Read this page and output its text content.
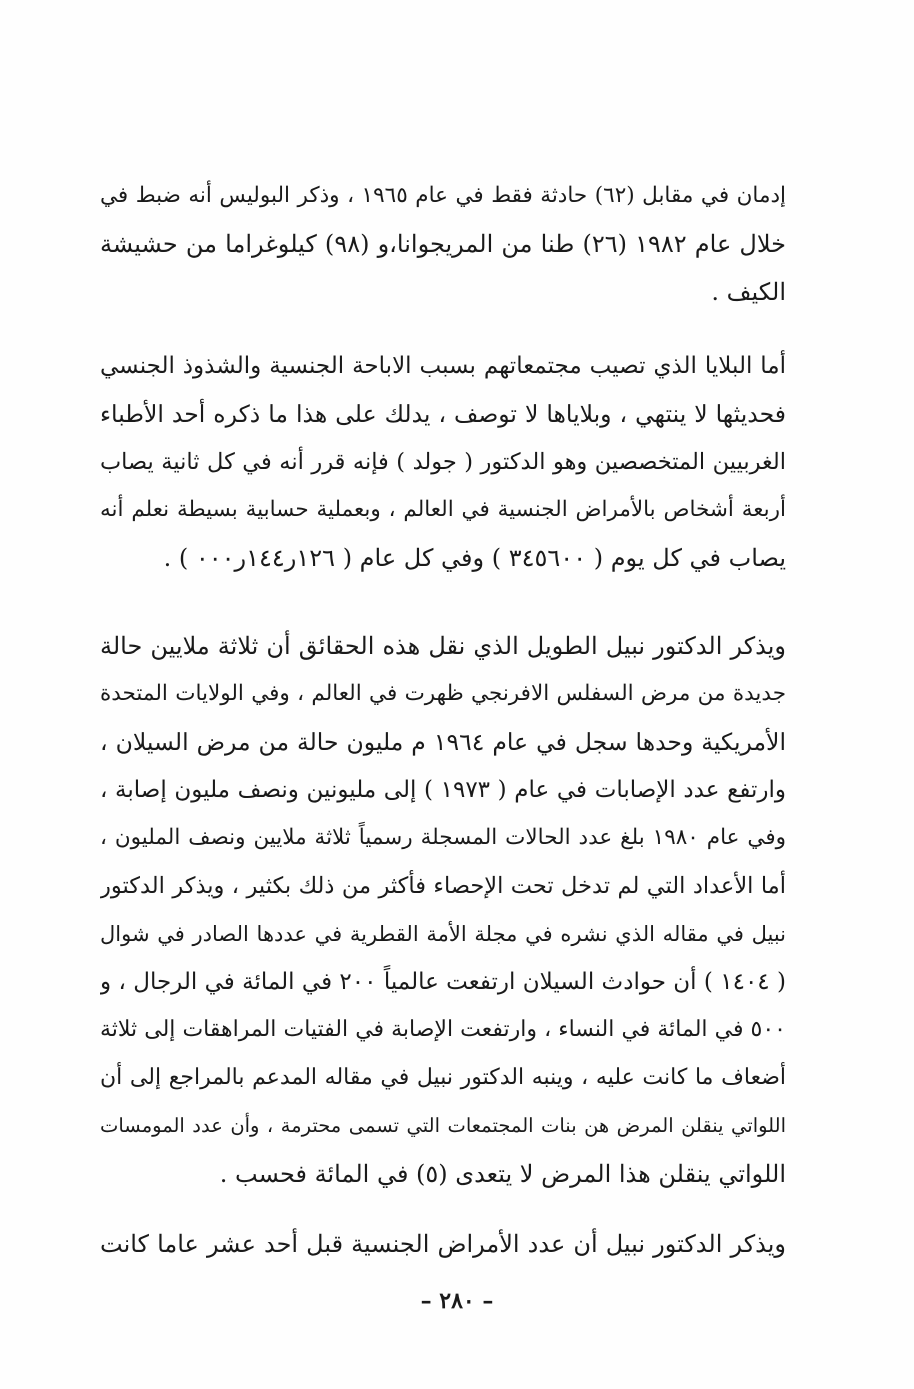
إدمان في مقابل (٦٢) حادثة فقط في عام ١٩٦٥ ، وذكر البوليس أنه ضبط في
خلال عام ١٩٨٢ (٢٦) طنا من المريجوانا،و (٩٨) كيلوغراما من حشيشة
الكيف .
أما البلايا الذي تصيب مجتمعاتهم بسبب الاباحة الجنسية والشذوذ الجنسي
فحديثها لا ينتهي ، وبلاياها لا توصف ، يدلك على هذا ما ذكره أحد الأطباء
الغربيين المتخصصين وهو الدكتور ( جولد ) فإنه قرر أنه في كل ثانية يصاب
أربعة أشخاص بالأمراض الجنسية في العالم ، وبعملية حسابية بسيطة نعلم أنه
يصاب في كل يوم ( ٣٤٥٦٠٠ ) وفي كل عام ( ١٢٦ر١٤٤ر٠٠٠ ) .
ويذكر الدكتور نبيل الطويل الذي نقل هذه الحقائق أن ثلاثة ملايين حالة
جديدة من مرض السفلس الافرنجي ظهرت في العالم ، وفي الولايات المتحدة
الأمريكية وحدها سجل في عام ١٩٦٤ م مليون حالة من مرض السيلان ،
وارتفع عدد الإصابات في عام ( ١٩٧٣ ) إلى مليونين ونصف مليون إصابة ،
وفي عام ١٩٨٠ بلغ عدد الحالات المسجلة رسمياً ثلاثة ملايين ونصف المليون ،
أما الأعداد التي لم تدخل تحت الإحصاء فأكثر من ذلك بكثير ، ويذكر الدكتور
نبيل في مقاله الذي نشره في مجلة الأمة القطرية في عددها الصادر في شوال
( ١٤٠٤ ) أن حوادث السيلان ارتفعت عالمياً ٢٠٠ في المائة في الرجال ، و
٥٠٠ في المائة في النساء ، وارتفعت الإصابة في الفتيات المراهقات إلى ثلاثة
أضعاف ما كانت عليه ، وينبه الدكتور نبيل في مقاله المدعم بالمراجع إلى أن
اللواتي ينقلن المرض هن بنات المجتمعات التي تسمى محترمة ، وأن عدد المومسات
اللواتي ينقلن هذا المرض لا يتعدى (٥) في المائة فحسب .
ويذكر الدكتور نبيل أن عدد الأمراض الجنسية قبل أحد عشر عاما كانت
– ٢٨٠ –
